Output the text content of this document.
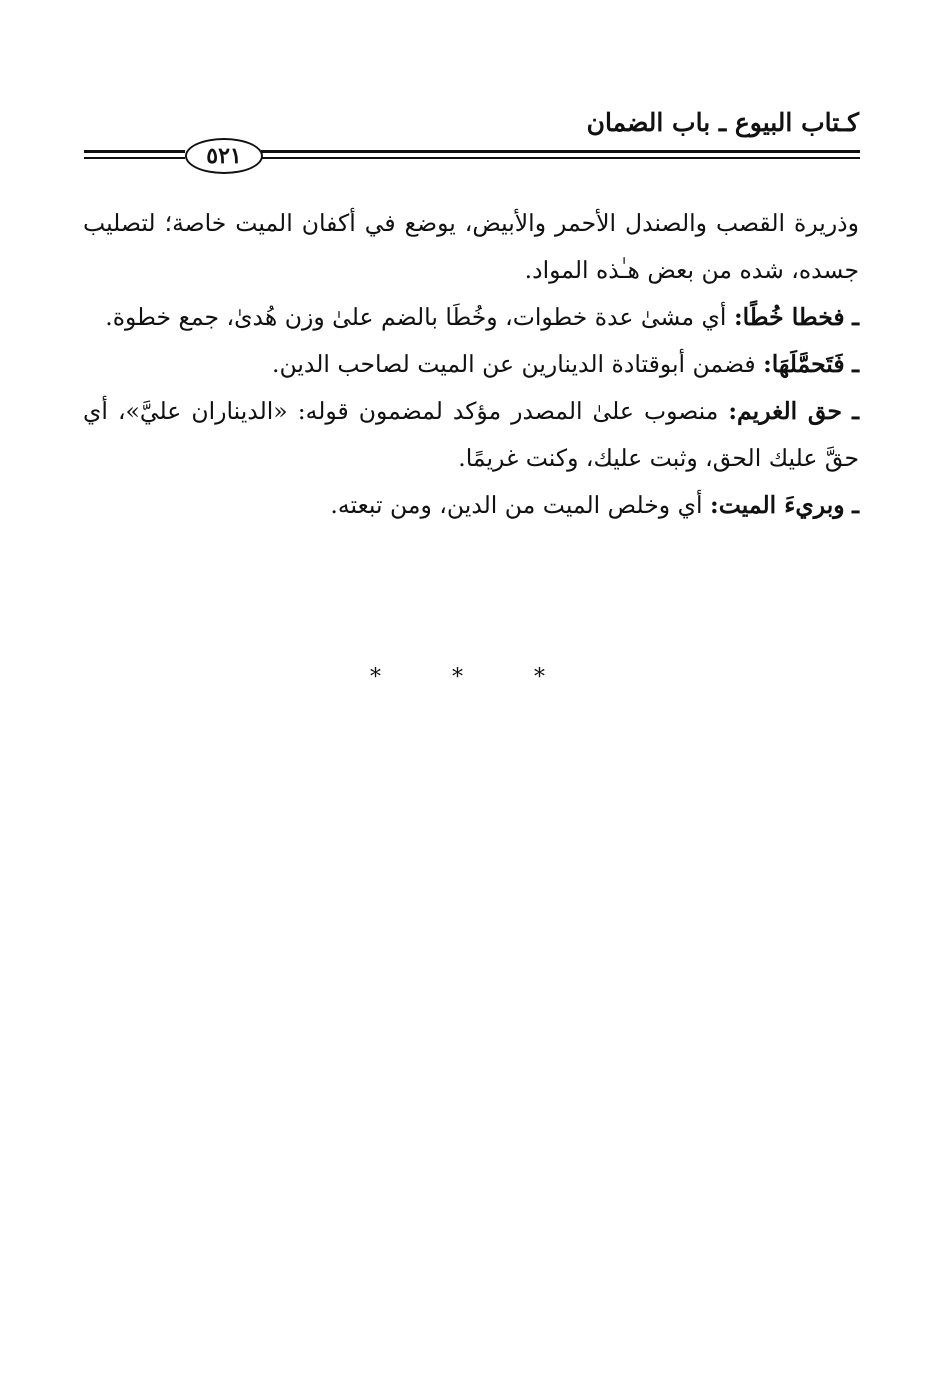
كـتاب البيوع ـ باب الضمان
٥٢١

وذريرة القصب والصندل الأحمر والأبيض، يوضع في أكفان الميت خاصة؛ لتصليب جسده، شده من بعض هـٰذه المواد.

ـ فخطا خُطًا: أي مشىٰ عدة خطوات، وخُطَا بالضم علىٰ وزن هُدىٰ، جمع خطوة.

ـ فَتَحمَّلَهَا: فضمن أبوقتادة الدينارين عن الميت لصاحب الدين.

ـ حق الغريم: منصوب علىٰ المصدر مؤكد لمضمون قوله: «الديناران عليَّ»، أي حقَّ عليك الحق، وثبت عليك، وكنت غريمًا.

ـ وبريءَ الميت: أي وخلص الميت من الدين، ومن تبعته.

* * *
